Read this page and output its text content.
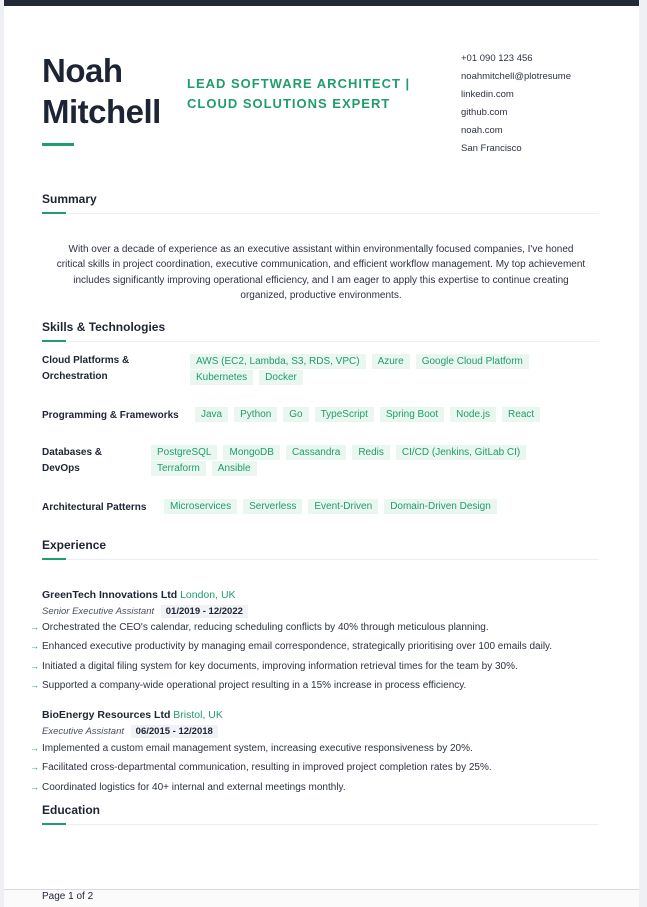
Noah
Mitchell
LEAD SOFTWARE ARCHITECT |
CLOUD SOLUTIONS EXPERT
+01 090 123 456
noahmitchell@plotresume
linkedin.com
github.com
noah.com
San Francisco
Summary

With over a decade of experience as an executive assistant within environmentally focused companies, I've honed critical skills in project coordination, executive communication, and efficient workflow management. My top achievement includes significantly improving operational efficiency, and I am eager to apply this expertise to continue creating organized, productive environments.

Skills & Technologies
Cloud Platforms &
Orchestration
AWS (EC2, Lambda, S3, RDS, VPC)	Azure	Google Cloud Platform
Kubernetes	Docker
Programming & Frameworks	Java	Python	Go	TypeScript	Spring Boot	Node.js	React
Databases &
DevOps
PostgreSQL	MongoDB	Cassandra	Redis	CI/CD (Jenkins, GitLab CI)
Terraform	Ansible
Architectural Patterns	Microservices	Serverless	Event-Driven	Domain-Driven Design
Experience
GreenTech Innovations Ltd London, UK
Senior Executive Assistant 01/2019 - 12/2022
→ Orchestrated the CEO's calendar, reducing scheduling conflicts by 40% through meticulous planning.
→ Enhanced executive productivity by managing email correspondence, strategically prioritising over 100 emails daily.
→ Initiated a digital filing system for key documents, improving information retrieval times for the team by 30%.
→ Supported a company-wide operational project resulting in a 15% increase in process efficiency.
BioEnergy Resources Ltd Bristol, UK
Executive Assistant 06/2015 - 12/2018
→ Implemented a custom email management system, increasing executive responsiveness by 20%.
→ Facilitated cross-departmental communication, resulting in improved project completion rates by 25%.
→ Coordinated logistics for 40+ internal and external meetings monthly.
Education
Page 1 of 2
